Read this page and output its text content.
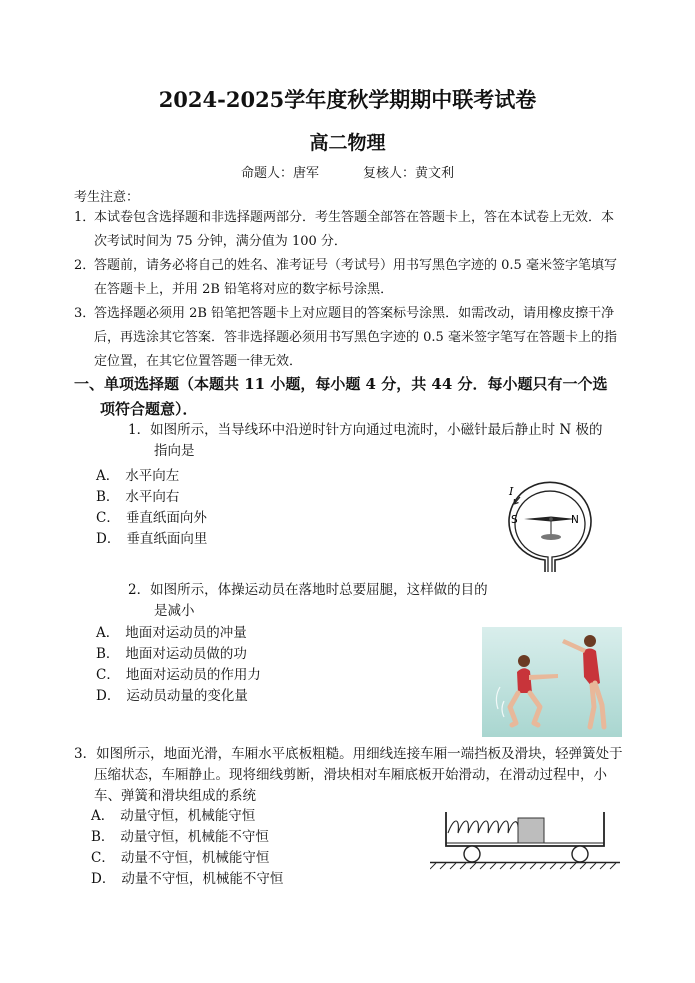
2024-2025学年度秋学期期中联考试卷
高二物理
命题人：唐军	复核人：黄文利
考生注意：
1．
本试卷包含选择题和非选择题两部分．考生答题全部答在答题卡上，答在本试卷上无效．本次考试时间为 75 分钟，满分值为 100 分．
2．
答题前，请务必将自己的姓名、准考证号（考试号）用书写黑色字迹的 0.5 毫米签字笔填写在答题卡上，并用 2B 铅笔将对应的数字标号涂黑．
3．
答选择题必须用 2B 铅笔把答题卡上对应题目的答案标号涂黑．如需改动，请用橡皮擦干净后，再选涂其它答案．答非选择题必须用书写黑色字迹的 0.5 毫米签字笔写在答题卡上的指定位置，在其它位置答题一律无效．
一、单项选择题（本题共 11 小题，每小题 4 分，共 44 分．每小题只有一个选
项符合题意）．
1．如图所示，当导线环中沿逆时针方向通过电流时，小磁针最后静止时 N 极的
指向是
A． 水平向左
B． 水平向右
C． 垂直纸面向外
D． 垂直纸面向里
I
S	N
2．如图所示，体操运动员在落地时总要屈腿，这样做的目的
是减小
A． 地面对运动员的冲量
B． 地面对运动员做的功
C． 地面对运动员的作用力
D． 运动员动量的变化量
3．如图所示，地面光滑，车厢水平底板粗糙。用细线连接车厢一端挡板及滑块，轻弹簧处于压缩状态，车厢静止。现将细线剪断，滑块相对车厢底板开始滑动，在滑动过程中，小车、弹簧和滑块组成的系统
A． 动量守恒，机械能守恒
B． 动量守恒，机械能不守恒
C． 动量不守恒，机械能守恒
D． 动量不守恒，机械能不守恒
